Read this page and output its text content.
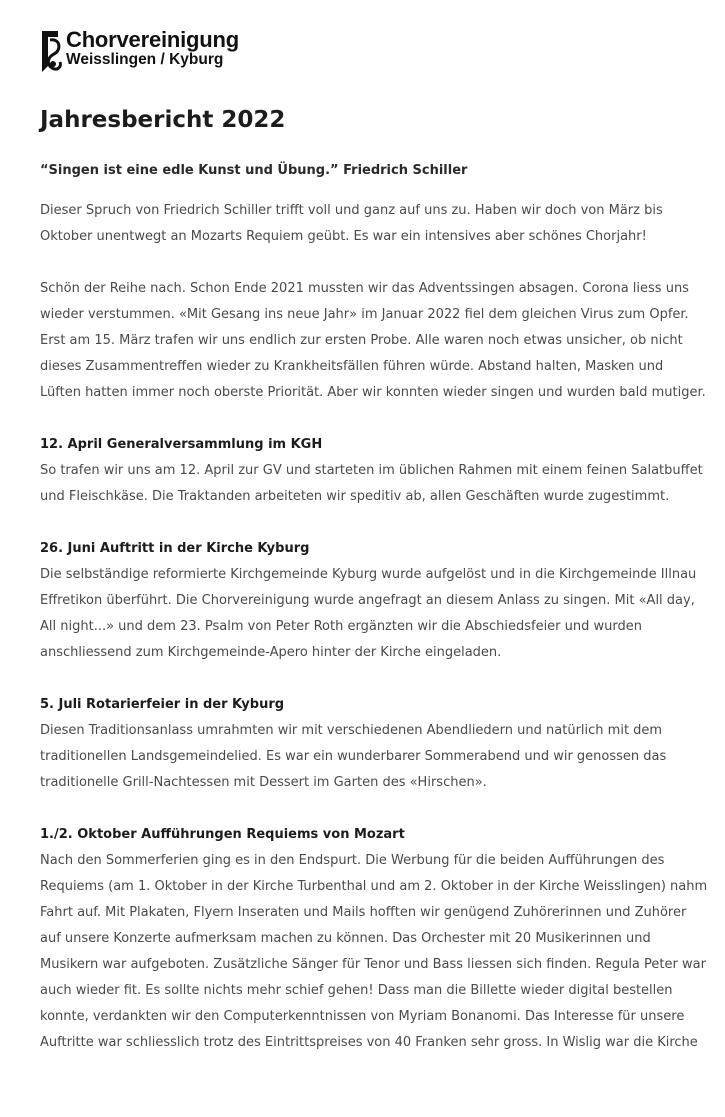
Chorvereinigung
Weisslingen / Kyburg
Jahresbericht 2022
“Singen ist eine edle Kunst und Übung.” Friedrich Schiller

Dieser Spruch von Friedrich Schiller trifft voll und ganz auf uns zu. Haben wir doch von März bis Oktober unentwegt an Mozarts Requiem geübt. Es war ein intensives aber schönes Chorjahr!

Schön der Reihe nach. Schon Ende 2021 mussten wir das Adventssingen absagen. Corona liess uns wieder verstummen. «Mit Gesang ins neue Jahr» im Januar 2022 fiel dem gleichen Virus zum Opfer. Erst am 15. März trafen wir uns endlich zur ersten Probe. Alle waren noch etwas unsicher, ob nicht dieses Zusammentreffen wieder zu Krankheitsfällen führen würde. Abstand halten, Masken und Lüften hatten immer noch oberste Priorität. Aber wir konnten wieder singen und wurden bald mutiger.

12. April Generalversammlung im KGH

So trafen wir uns am 12. April zur GV und starteten im üblichen Rahmen mit einem feinen Salatbuffet und Fleischkäse. Die Traktanden arbeiteten wir speditiv ab, allen Geschäften wurde zugestimmt.

26. Juni Auftritt in der Kirche Kyburg

Die selbständige reformierte Kirchgemeinde Kyburg wurde aufgelöst und in die Kirchgemeinde Illnau Effretikon überführt. Die Chorvereinigung wurde angefragt an diesem Anlass zu singen. Mit «All day, All night...» und dem 23. Psalm von Peter Roth ergänzten wir die Abschiedsfeier und wurden anschliessend zum Kirchgemeinde-Apero hinter der Kirche eingeladen.

5. Juli Rotarierfeier in der Kyburg

Diesen Traditionsanlass umrahmten wir mit verschiedenen Abendliedern und natürlich mit dem traditionellen Landsgemeindelied. Es war ein wunderbarer Sommerabend und wir genossen das traditionelle Grill-Nachtessen mit Dessert im Garten des «Hirschen».

1./2. Oktober Aufführungen Requiems von Mozart

Nach den Sommerferien ging es in den Endspurt. Die Werbung für die beiden Aufführungen des Requiems (am 1. Oktober in der Kirche Turbenthal und am 2. Oktober in der Kirche Weisslingen) nahm Fahrt auf. Mit Plakaten, Flyern Inseraten und Mails hofften wir genügend Zuhörerinnen und Zuhörer auf unsere Konzerte aufmerksam machen zu können. Das Orchester mit 20 Musikerinnen und Musikern war aufgeboten. Zusätzliche Sänger für Tenor und Bass liessen sich finden. Regula Peter war auch wieder fit. Es sollte nichts mehr schief gehen! Dass man die Billette wieder digital bestellen konnte, verdankten wir den Computerkenntnissen von Myriam Bonanomi. Das Interesse für unsere Auftritte war schliesslich trotz des Eintrittspreises von 40 Franken sehr gross. In Wislig war die Kirche
